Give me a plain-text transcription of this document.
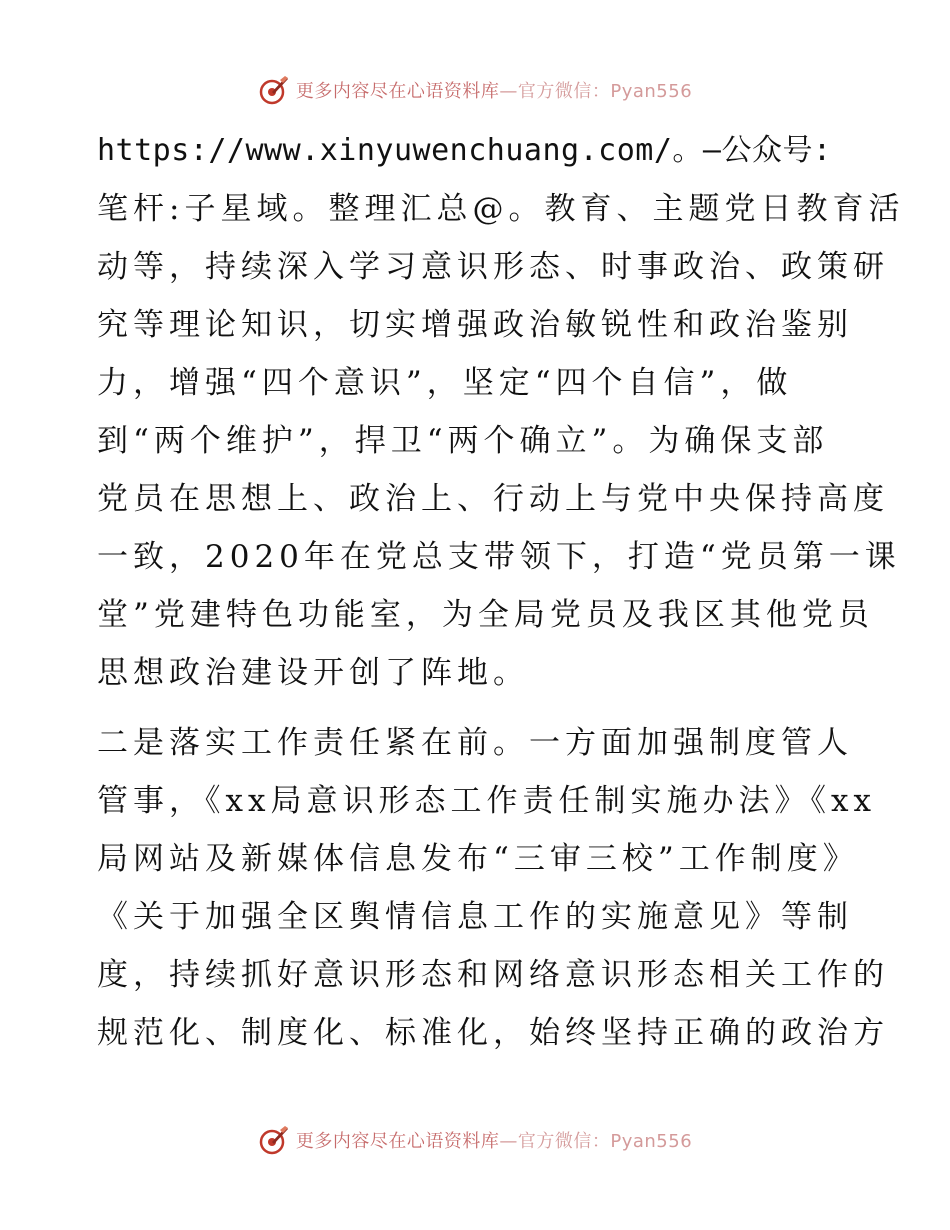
更多内容尽在心语资料库—官方微信：Pyan556
https://www.xinyuwenchuang.com/。—公众号:
笔杆:子星域。整理汇总@。教育、主题党日教育活
动等，持续深入学习意识形态、时事政治、政策研
究等理论知识，切实增强政治敏锐性和政治鉴别
力，增强“四个意识”，坚定“四个自信”，做
到“两个维护”，捍卫“两个确立”。为确保支部
党员在思想上、政治上、行动上与党中央保持高度
一致，2020年在党总支带领下，打造“党员第一课
堂”党建特色功能室，为全局党员及我区其他党员
思想政治建设开创了阵地。
二是落实工作责任紧在前。一方面加强制度管人
管事，《xx局意识形态工作责任制实施办法》《xx
局网站及新媒体信息发布“三审三校”工作制度》
《关于加强全区舆情信息工作的实施意见》等制
度，持续抓好意识形态和网络意识形态相关工作的
规范化、制度化、标准化，始终坚持正确的政治方
更多内容尽在心语资料库—官方微信：Pyan556
